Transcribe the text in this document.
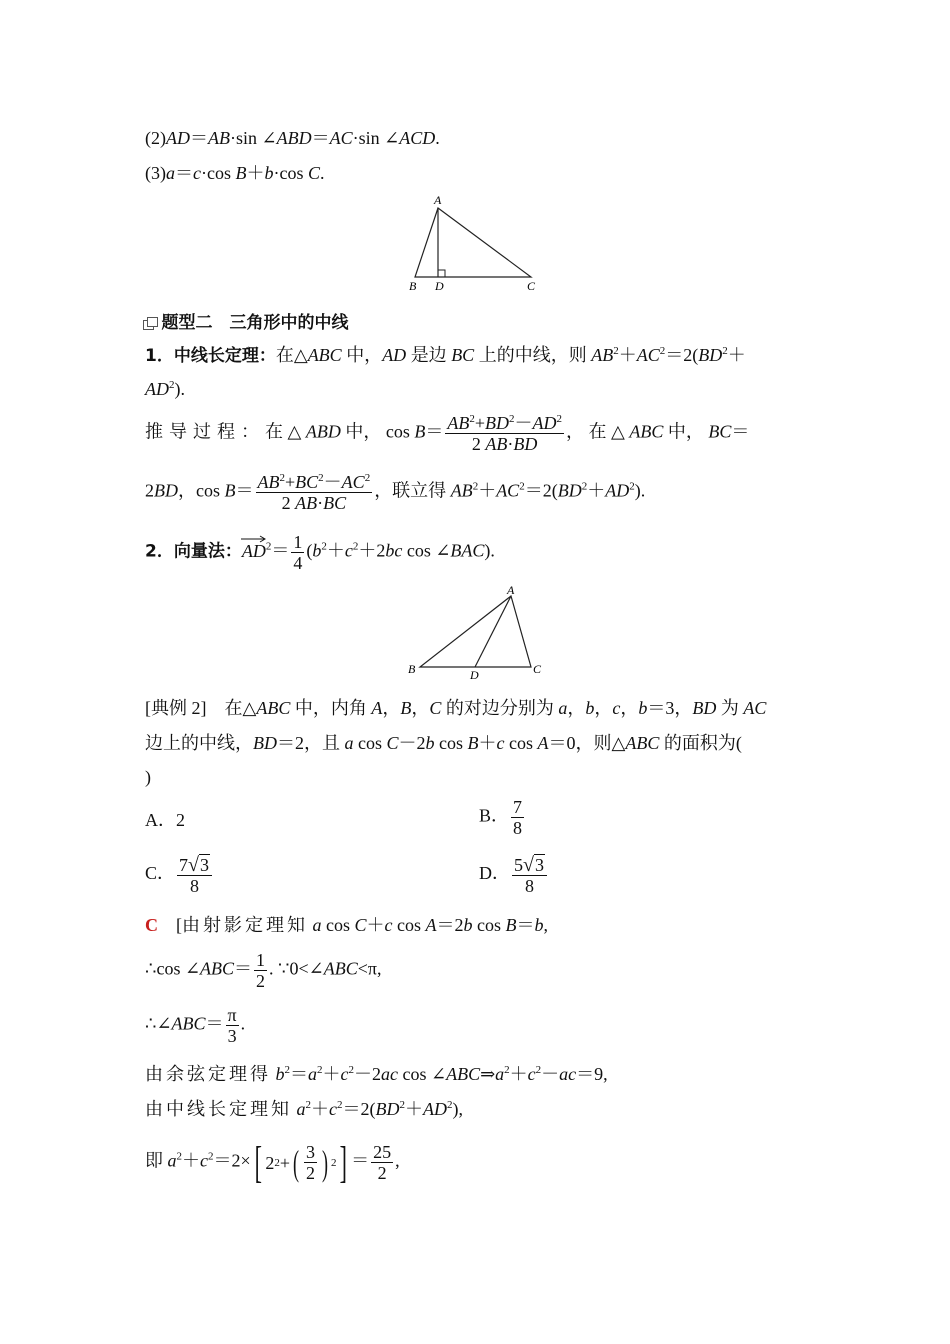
(2)AD＝AB·sin ∠ABD＝AC·sin ∠ACD.
(3)a＝c·cos B＋b·cos C.
A
B D	C
题型二　三角形中的中线
1．中线长定理：在△ABC 中，AD 是边 BC 上的中线，则 $AB^2+AC^2=2(BD^2+$
$AD^2$).
推导过程：在 △ ABD 中， $\cos B= \frac{AB^2+BD^2-AD^2}{2 AB\cdot BD}$ ， 在 △ ABC 中， BC＝
2BD，$\cos B= \frac{AB^2+BC^2-AC^2}{2 AB\cdot BC}$ ，联立得 $AB^2+AC^2=2(BD^2+AD^2)$.
2．向量法：AD
$^2= \frac{1}{4} (b^2+c^2+2bc$ cos ∠BAC).
A
B	D	C
[典例 2]　在△ABC 中，内角 A，B，C 的对边分别为 a，b，c，b＝3，BD 为 AC
边上的中线，BD＝2，且 a cos C－2b cos B＋c cos A＝0，则△ABC 的面积为(
)
A．2	B． $\frac{7}{8}$
C． $\frac{7 √ 3}{8}$	D． $\frac{5 √ 3}{8}$
C　[由射影定理知 a cos C＋c cos A＝2b cos B＝b,
∴cos ∠ABC＝ $\frac{1}{2}$ . ∵0<∠ABC<π,
∴∠ABC＝ $\frac{\pi}{3}$ .
由余弦定理得 $b^2=a^2+c^2-2ac$ $\cos \angle ABC\Rightarrow a^2+c^2-ac=9$,
由中线长定理知 $a^2+c^2=2(BD^2+AD^2)$,
即 $a^2+c^2=2\times$ [ 2 2 + ( $\frac{3}{2}$ ) 2 ] ＝ $\frac{25}{2}$ ,
